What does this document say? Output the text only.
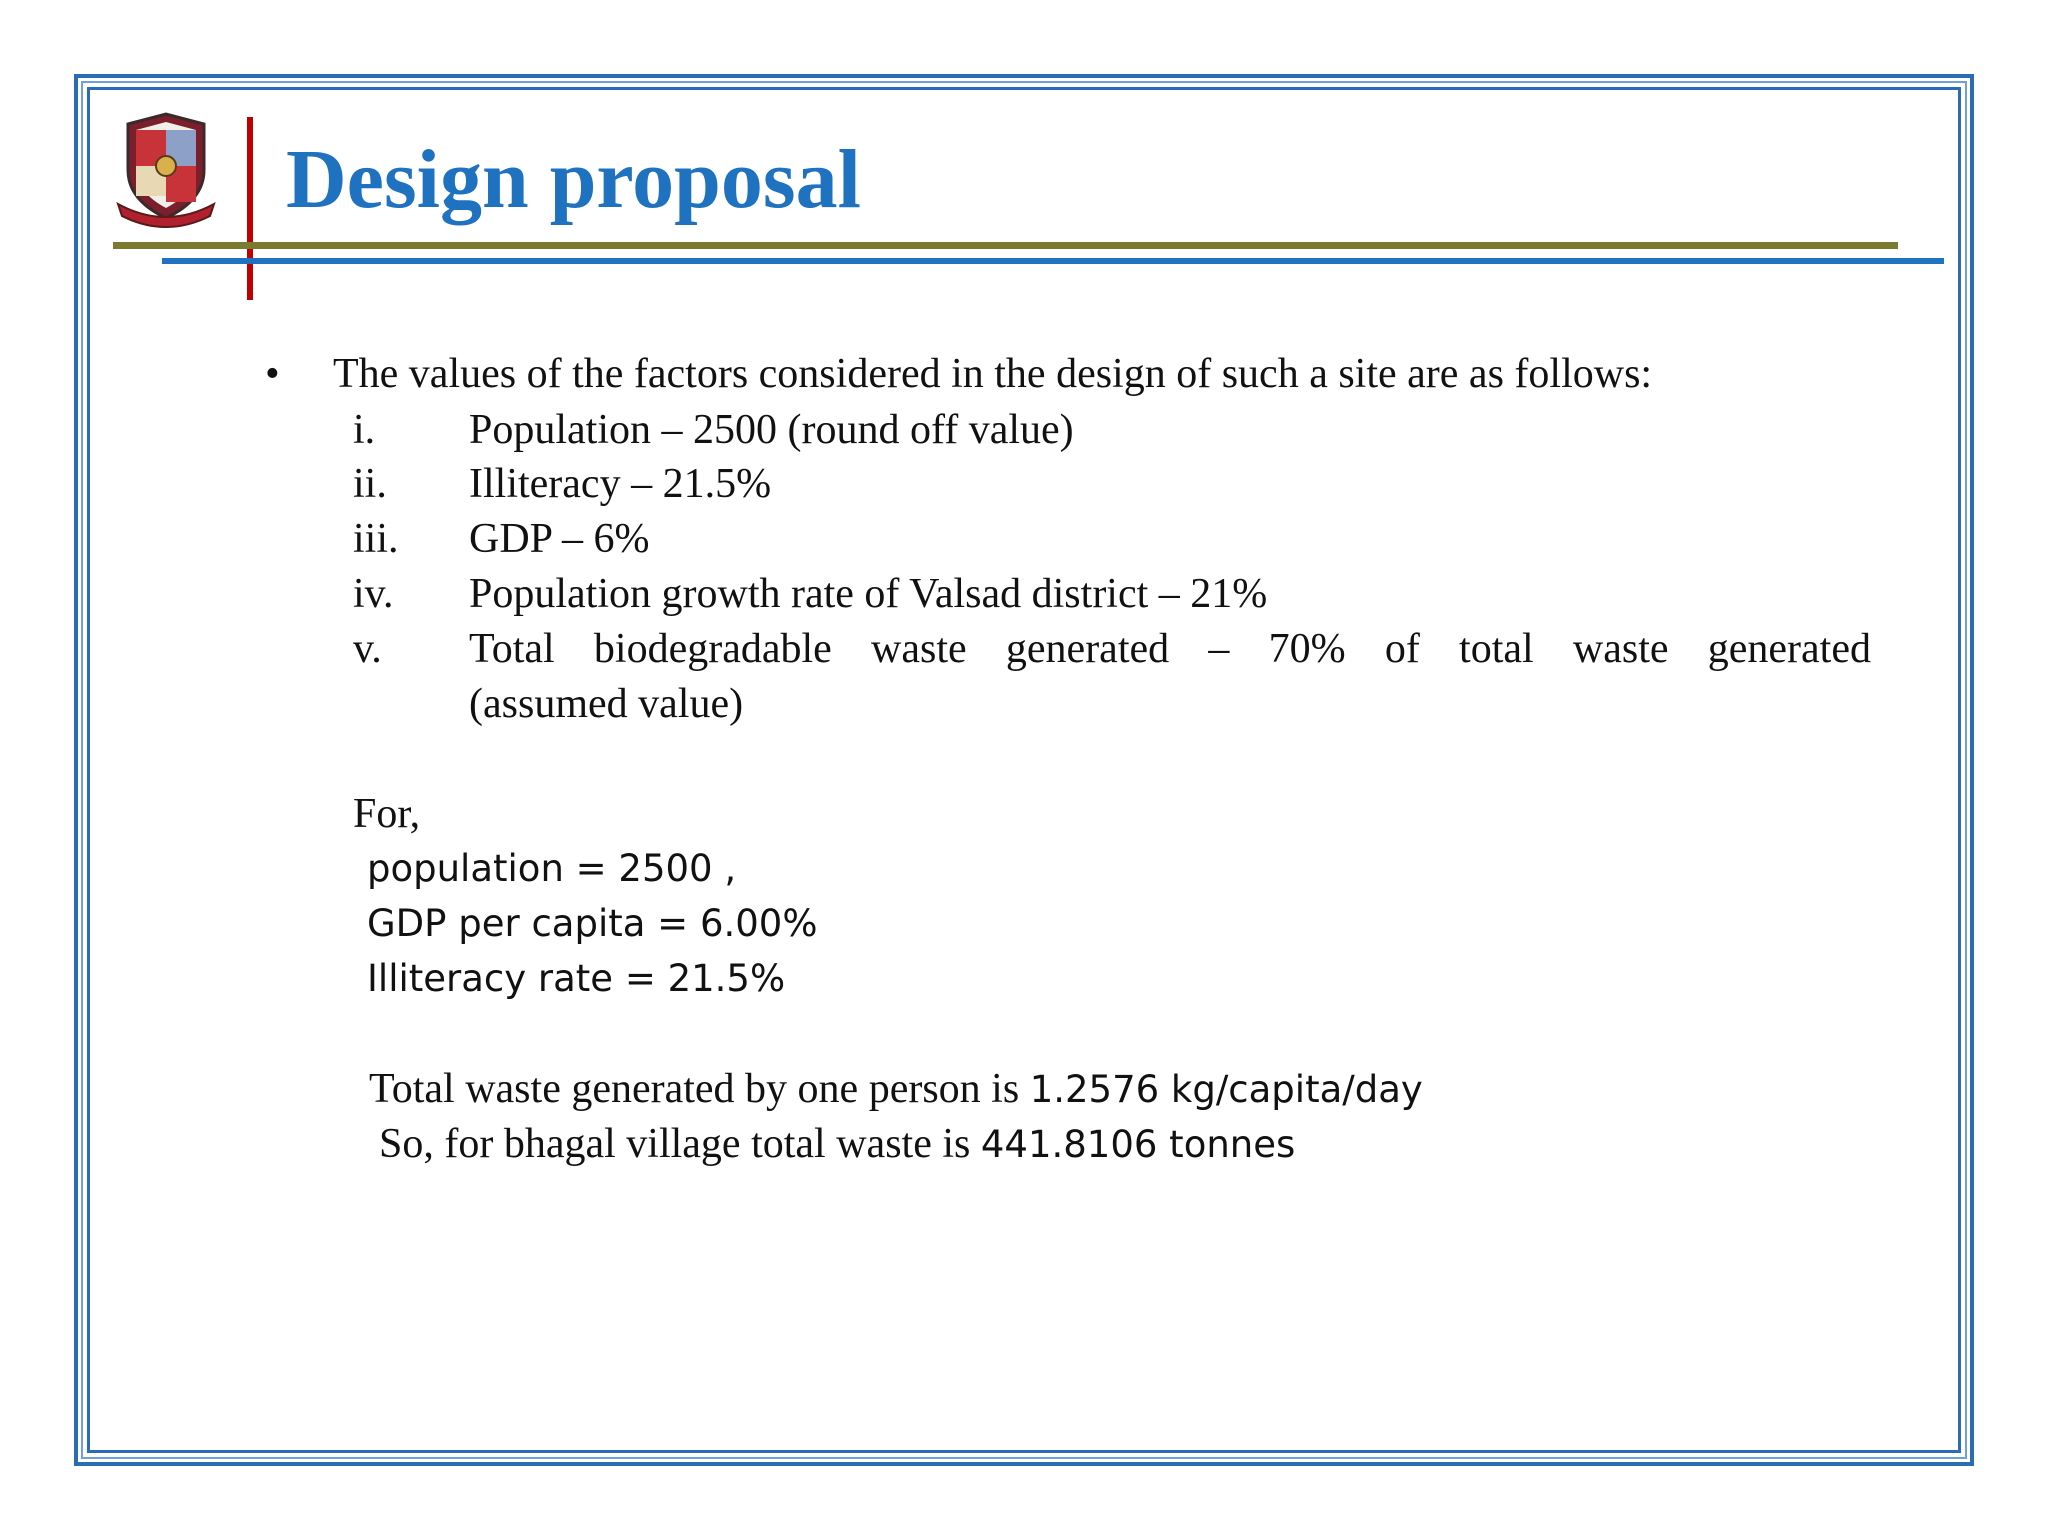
Design proposal
• The values of the factors considered in the design of such a site are as follows:
i. Population – 2500 (round off value)
ii. Illiteracy – 21.5%
iii. GDP – 6%
iv. Population growth rate of Valsad district – 21%
v. Total biodegradable waste generated – 70% of total waste generated
(assumed value)
For,
population = 2500 ,
GDP per capita = 6.00%
Illiteracy rate = 21.5%
Total waste generated by one person is 1.2576 kg/capita/day
So, for bhagal village total waste is 441.8106 tonnes
